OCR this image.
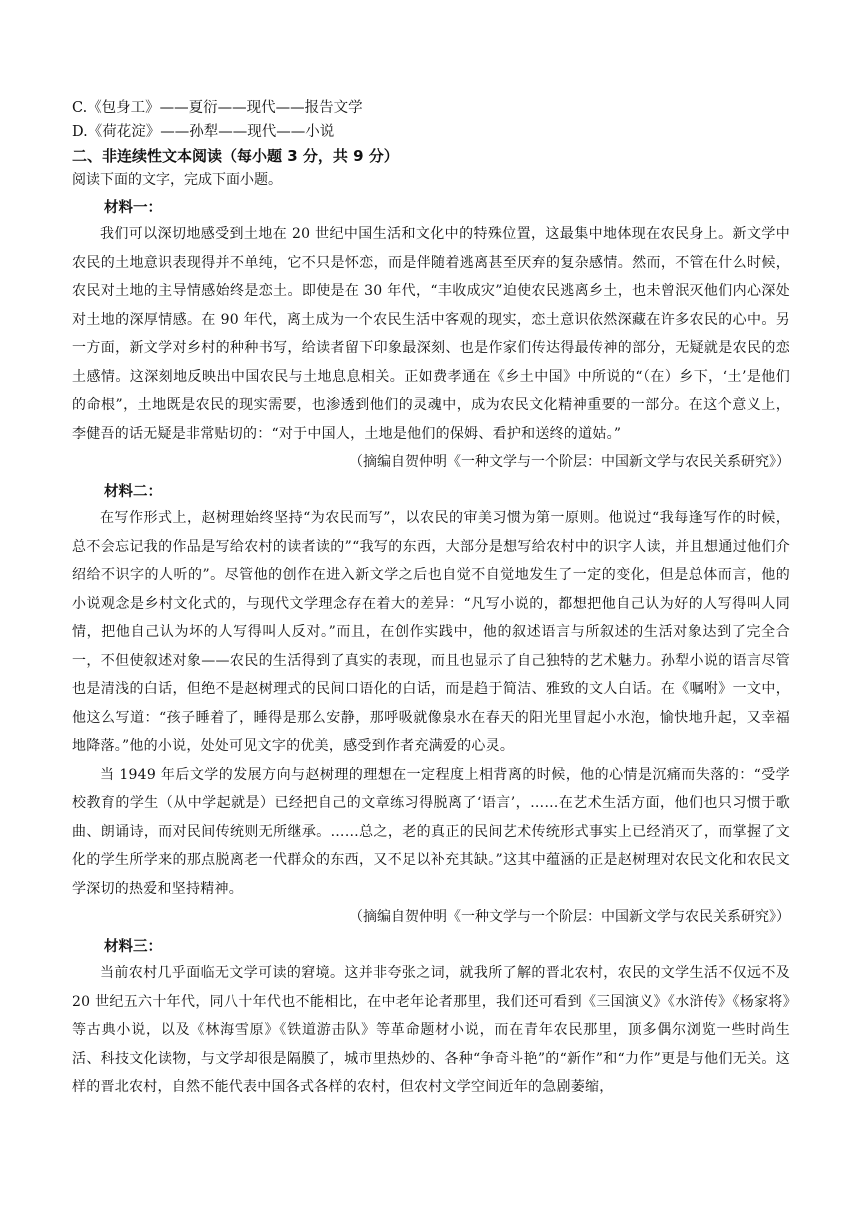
C.《包身工》——夏衍——现代——报告文学

D.《荷花淀》——孙犁——现代——小说

二、非连续性文本阅读（每小题 3 分，共 9 分）

阅读下面的文字，完成下面小题。

材料一：

我们可以深切地感受到土地在 20 世纪中国生活和文化中的特殊位置，这最集中地体现在农民身上。新文学中农民的土地意识表现得并不单纯，它不只是怀恋，而是伴随着逃离甚至厌弃的复杂感情。然而，不管在什么时候，农民对土地的主导情感始终是恋土。即使是在 30 年代，“丰收成灾”迫使农民逃离乡土，也未曾泯灭他们内心深处对土地的深厚情感。在 90 年代，离土成为一个农民生活中客观的现实，恋土意识依然深藏在许多农民的心中。另一方面，新文学对乡村的种种书写，给读者留下印象最深刻、也是作家们传达得最传神的部分，无疑就是农民的恋土感情。这深刻地反映出中国农民与土地息息相关。正如费孝通在《乡土中国》中所说的“（在）乡下，‘土’是他们的命根”，土地既是农民的现实需要，也渗透到他们的灵魂中，成为农民文化精神重要的一部分。在这个意义上，李健吾的话无疑是非常贴切的：“对于中国人，土地是他们的保姆、看护和送终的道姑。”

（摘编自贺仲明《一种文学与一个阶层：中国新文学与农民关系研究》）

材料二：

在写作形式上，赵树理始终坚持“为农民而写”，以农民的审美习惯为第一原则。他说过“我每逢写作的时候，总不会忘记我的作品是写给农村的读者读的”“我写的东西，大部分是想写给农村中的识字人读，并且想通过他们介绍给不识字的人听的”。尽管他的创作在进入新文学之后也自觉不自觉地发生了一定的变化，但是总体而言，他的小说观念是乡村文化式的，与现代文学理念存在着大的差异：“凡写小说的，都想把他自己认为好的人写得叫人同情，把他自己认为坏的人写得叫人反对。”而且，在创作实践中，他的叙述语言与所叙述的生活对象达到了完全合一，不但使叙述对象——农民的生活得到了真实的表现，而且也显示了自己独特的艺术魅力。孙犁小说的语言尽管也是清浅的白话，但绝不是赵树理式的民间口语化的白话，而是趋于简洁、雅致的文人白话。在《嘱咐》一文中，他这么写道：“孩子睡着了，睡得是那么安静，那呼吸就像泉水在春天的阳光里冒起小水泡，愉快地升起，又幸福地降落。”他的小说，处处可见文字的优美，感受到作者充满爱的心灵。

当 1949 年后文学的发展方向与赵树理的理想在一定程度上相背离的时候，他的心情是沉痛而失落的：“受学校教育的学生（从中学起就是）已经把自己的文章练习得脱离了‘语言’，……在艺术生活方面，他们也只习惯于歌曲、朗诵诗，而对民间传统则无所继承。……总之，老的真正的民间艺术传统形式事实上已经消灭了，而掌握了文化的学生所学来的那点脱离老一代群众的东西，又不足以补充其缺。”这其中蕴涵的正是赵树理对农民文化和农民文学深切的热爱和坚持精神。

（摘编自贺仲明《一种文学与一个阶层：中国新文学与农民关系研究》）

材料三：

当前农村几乎面临无文学可读的窘境。这并非夸张之词，就我所了解的晋北农村，农民的文学生活不仅远不及 20 世纪五六十年代，同八十年代也不能相比，在中老年论者那里，我们还可看到《三国演义》《水浒传》《杨家将》等古典小说，以及《林海雪原》《铁道游击队》等革命题材小说，而在青年农民那里，顶多偶尔浏览一些时尚生活、科技文化读物，与文学却很是隔膜了，城市里热炒的、各种“争奇斗艳”的“新作”和“力作”更是与他们无关。这样的晋北农村，自然不能代表中国各式各样的农村，但农村文学空间近年的急剧萎缩，
